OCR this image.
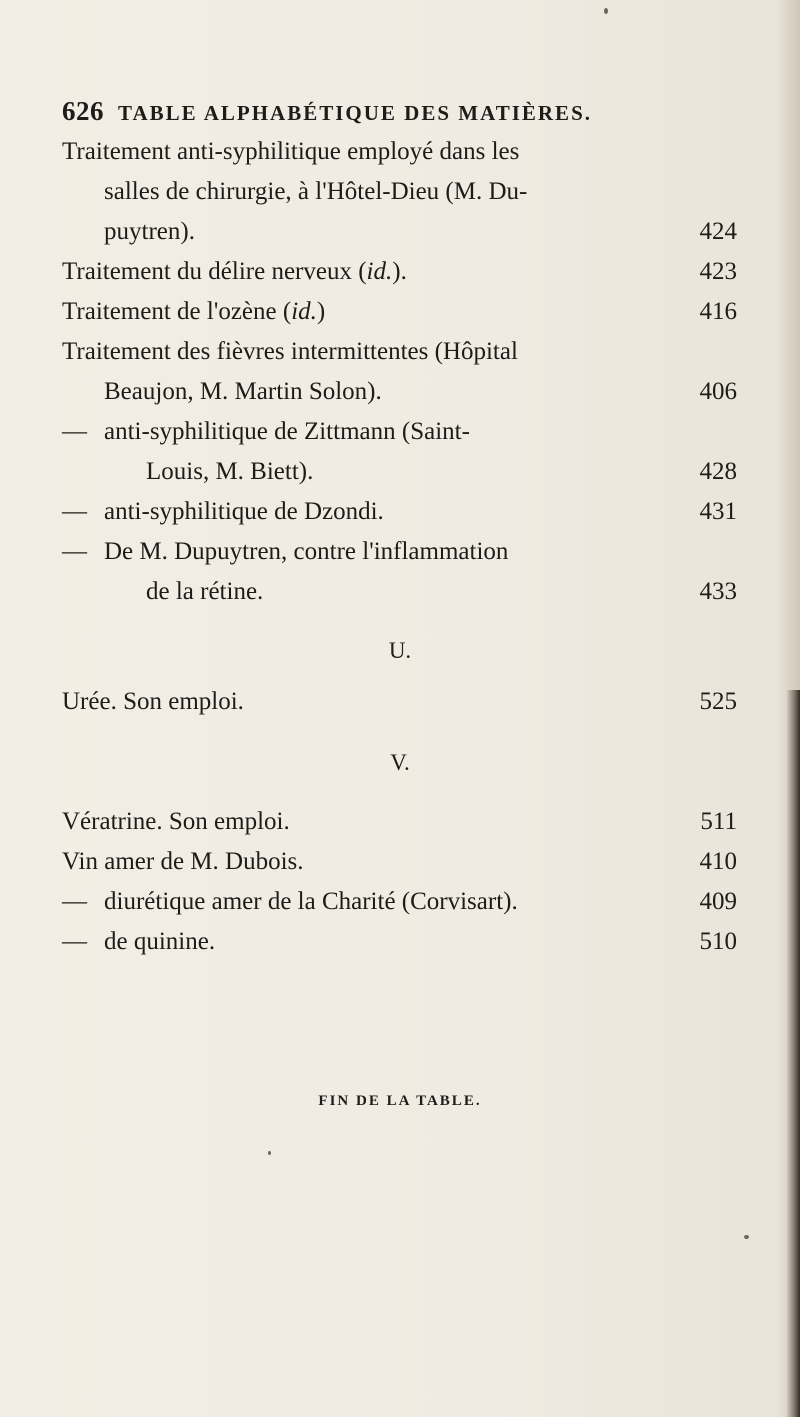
626 TABLE ALPHABÉTIQUE DES MATIÈRES.
Traitement anti-syphilitique employé dans les
salles de chirurgie, à l'Hôtel-Dieu (M. Du-
puytren).	424
Traitement du délire nerveux (id.).	423
Traitement de l'ozène (id.)	416
Traitement des fièvres intermittentes (Hôpital
Beaujon, M. Martin Solon).	406
— anti-syphilitique de Zittmann (Saint-
Louis, M. Biett).	428
— anti-syphilitique de Dzondi.	431
— De M. Dupuytren, contre l'inflammation
de la rétine.	433
U.
Urée. Son emploi.	525
V.
Vératrine. Son emploi.	511
Vin amer de M. Dubois.	410
— diurétique amer de la Charité (Corvisart).	409
— de quinine.	510
FIN DE LA TABLE.
